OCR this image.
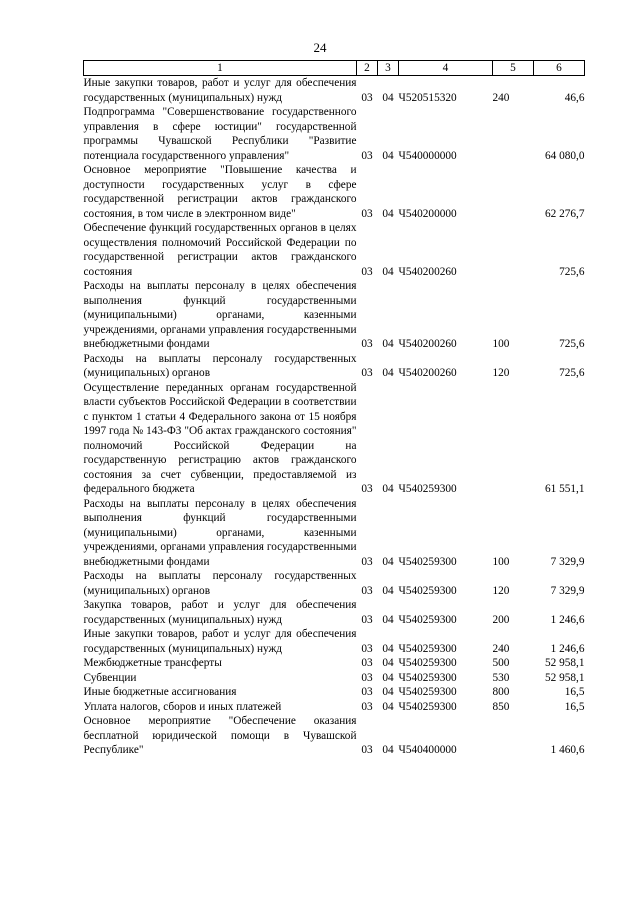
24
1	2	3	4	5	6
Иные закупки товаров, работ и услуг для обеспечения государственных (муниципальных) нужд	03	04	Ч520515320	240	46,6
Подпрограмма "Совершенствование государственного управления в сфере юстиции" государственной программы Чувашской Республики "Развитие потенциала государственного управления"	03	04	Ч540000000		64 080,0
Основное мероприятие "Повышение качества и доступности государственных услуг в сфере государственной регистрации актов гражданского состояния, в том числе в электронном виде"	03	04	Ч540200000		62 276,7
Обеспечение функций государственных органов в целях осуществления полномочий Российской Федерации по государственной регистрации актов гражданского состояния	03	04	Ч540200260		725,6
Расходы на выплаты персоналу в целях обеспечения выполнения функций государственными (муниципальными) органами, казенными учреждениями, органами управления государственными внебюджетными фондами	03	04	Ч540200260	100	725,6
Расходы на выплаты персоналу государственных (муниципальных) органов	03	04	Ч540200260	120	725,6
Осуществление переданных органам государственной власти субъектов Российской Федерации в соответствии с пунктом 1 статьи 4 Федерального закона от 15 ноября 1997 года № 143-ФЗ "Об актах гражданского состояния" полномочий Российской Федерации на государственную регистрацию актов гражданского состояния за счет субвенции, предоставляемой из федерального бюджета	03	04	Ч540259300		61 551,1
Расходы на выплаты персоналу в целях обеспечения выполнения функций государственными (муниципальными) органами, казенными учреждениями, органами управления государственными внебюджетными фондами	03	04	Ч540259300	100	7 329,9
Расходы на выплаты персоналу государственных (муниципальных) органов	03	04	Ч540259300	120	7 329,9
Закупка товаров, работ и услуг для обеспечения государственных (муниципальных) нужд	03	04	Ч540259300	200	1 246,6
Иные закупки товаров, работ и услуг для обеспечения государственных (муниципальных) нужд	03	04	Ч540259300	240	1 246,6
Межбюджетные трансферты	03	04	Ч540259300	500	52 958,1
Субвенции	03	04	Ч540259300	530	52 958,1
Иные бюджетные ассигнования	03	04	Ч540259300	800	16,5
Уплата налогов, сборов и иных платежей	03	04	Ч540259300	850	16,5
Основное мероприятие "Обеспечение оказания бесплатной юридической помощи в Чувашской Республике"	03	04	Ч540400000		1 460,6
